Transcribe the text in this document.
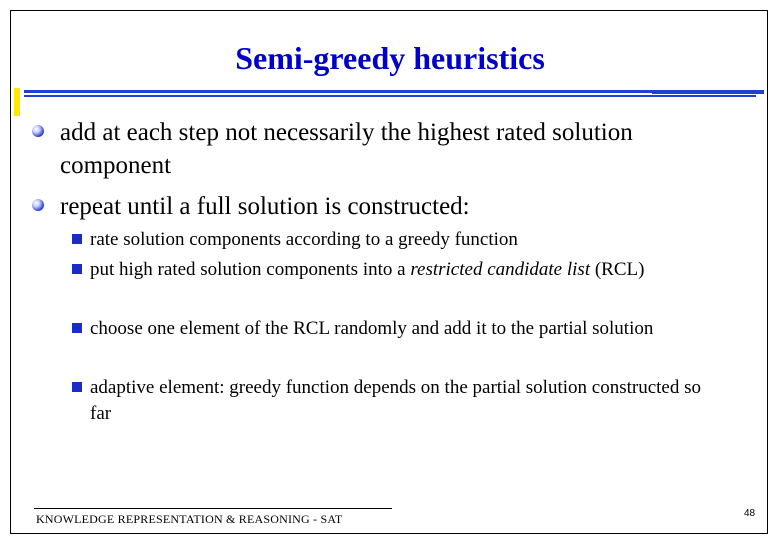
Semi-greedy heuristics
add at each step not necessarily the highest rated solution component
repeat until a full solution is constructed:
rate solution components according to a greedy function
put high rated solution components into a restricted candidate list (RCL)
choose one element of the RCL randomly and add it to the partial solution
adaptive element: greedy function depends on the partial solution constructed so far
KNOWLEDGE REPRESENTATION & REASONING - SAT	48
